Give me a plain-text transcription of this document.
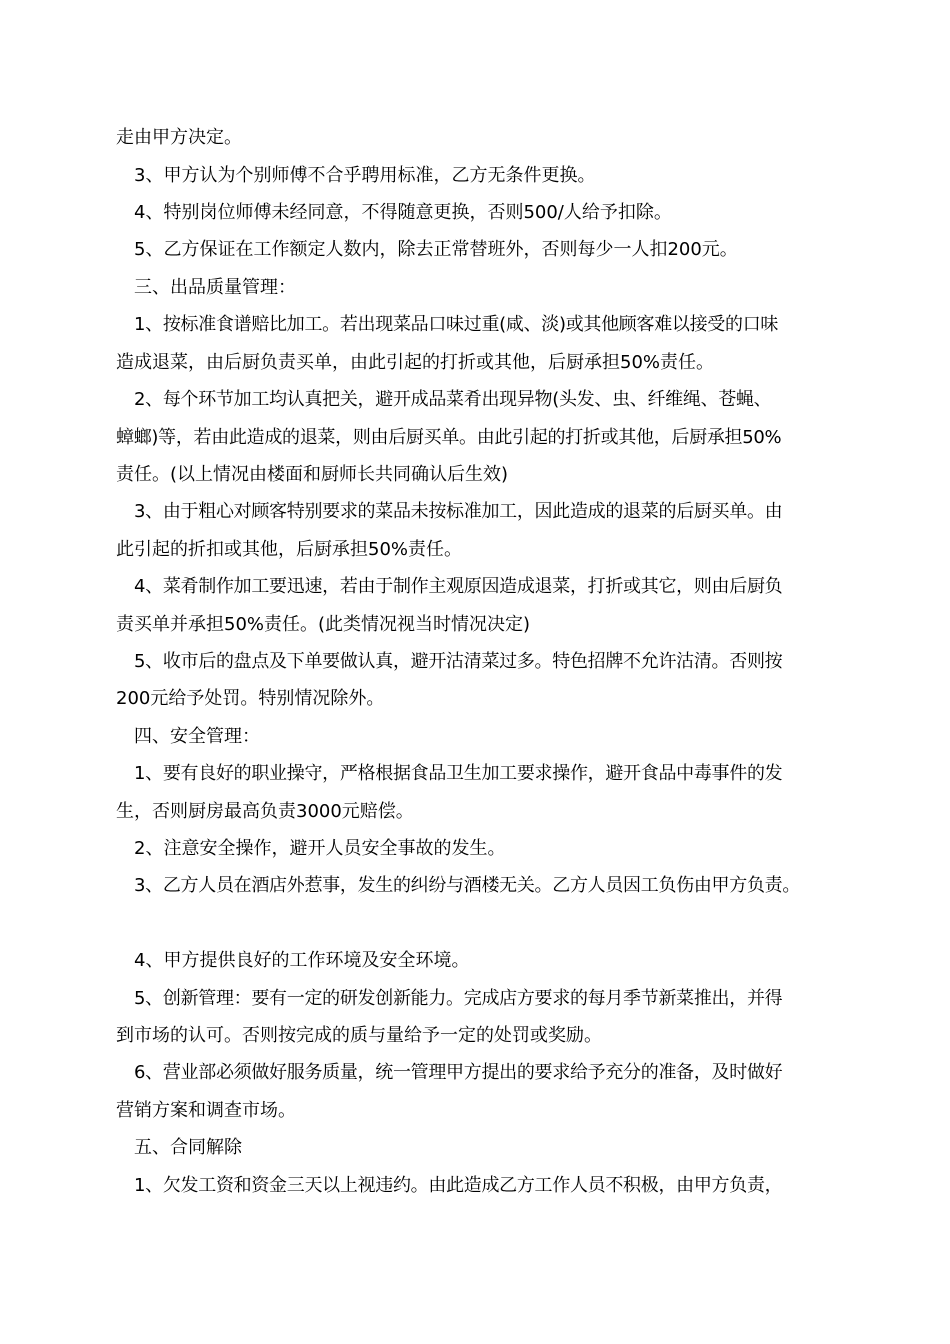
走由甲方决定。
3、甲方认为个别师傅不合乎聘用标准，乙方无条件更换。
4、特别岗位师傅未经同意，不得随意更换，否则500/人给予扣除。
5、乙方保证在工作额定人数内，除去正常替班外，否则每少一人扣200元。
三、出品质量管理：
1、按标准食谱赔比加工。若出现菜品口味过重(咸、淡)或其他顾客难以接受的口味
造成退菜，由后厨负责买单，由此引起的打折或其他，后厨承担50%责任。
2、每个环节加工均认真把关，避开成品菜肴出现异物(头发、虫、纤维绳、苍蝇、
蟑螂)等，若由此造成的退菜，则由后厨买单。由此引起的打折或其他，后厨承担50%
责任。(以上情况由楼面和厨师长共同确认后生效)
3、由于粗心对顾客特别要求的菜品未按标准加工，因此造成的退菜的后厨买单。由
此引起的折扣或其他，后厨承担50%责任。
4、菜肴制作加工要迅速，若由于制作主观原因造成退菜，打折或其它，则由后厨负
责买单并承担50%责任。(此类情况视当时情况决定)
5、收市后的盘点及下单要做认真，避开沽清菜过多。特色招牌不允许沽清。否则按
200元给予处罚。特别情况除外。
四、安全管理：
1、要有良好的职业操守，严格根据食品卫生加工要求操作，避开食品中毒事件的发
生，否则厨房最高负责3000元赔偿。
2、注意安全操作，避开人员安全事故的发生。
3、乙方人员在酒店外惹事，发生的纠纷与酒楼无关。乙方人员因工负伤由甲方负责。
4、甲方提供良好的工作环境及安全环境。
5、创新管理：要有一定的研发创新能力。完成店方要求的每月季节新菜推出，并得
到市场的认可。否则按完成的质与量给予一定的处罚或奖励。
6、营业部必须做好服务质量，统一管理甲方提出的要求给予充分的准备，及时做好
营销方案和调查市场。
五、合同解除
1、欠发工资和资金三天以上视违约。由此造成乙方工作人员不积极，由甲方负责，
